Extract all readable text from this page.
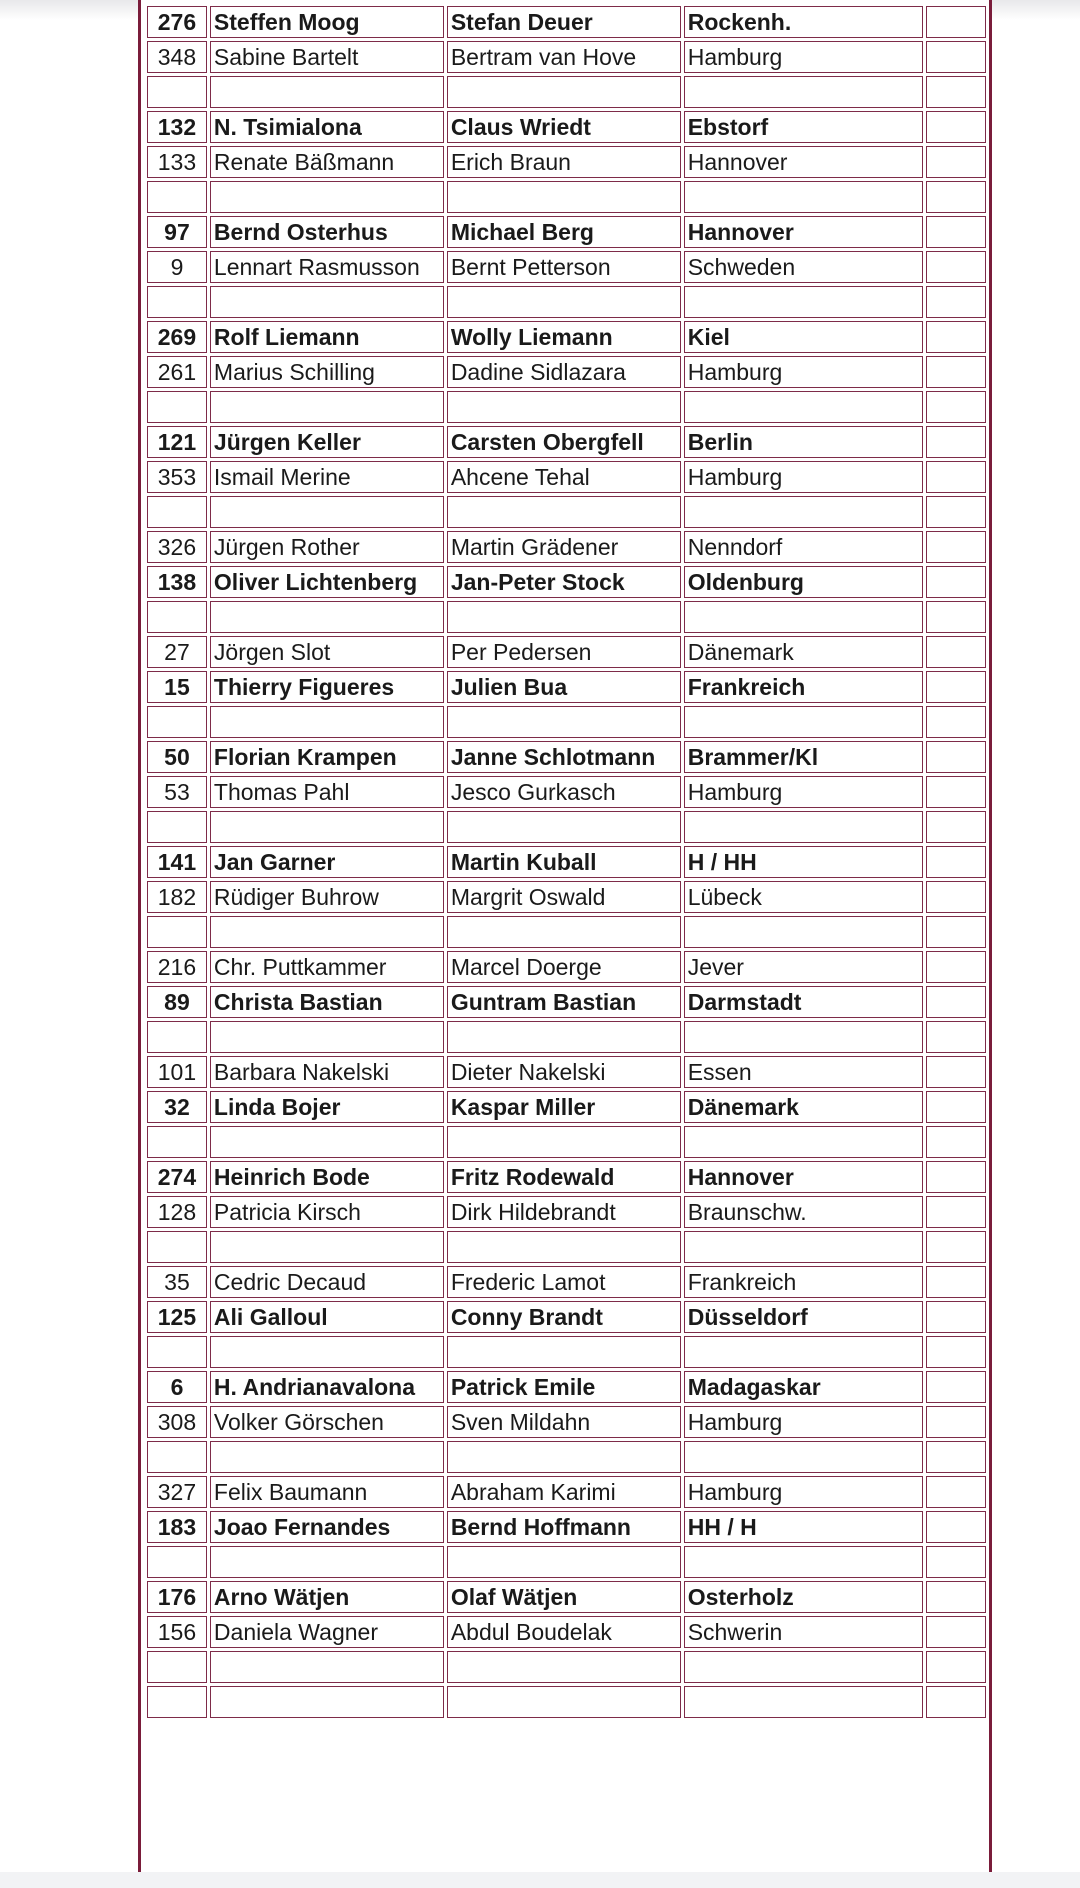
276	Steffen Moog	Stefan Deuer	Rockenh.	
348	Sabine Bartelt	Bertram van Hove	Hamburg	

132	N. Tsimialona	Claus Wriedt	Ebstorf	
133	Renate Bäßmann	Erich Braun	Hannover	

97	Bernd Osterhus	Michael Berg	Hannover	
9	Lennart Rasmusson	Bernt Petterson	Schweden	

269	Rolf Liemann	Wolly Liemann	Kiel	
261	Marius Schilling	Dadine Sidlazara	Hamburg	

121	Jürgen Keller	Carsten Obergfell	Berlin	
353	Ismail Merine	Ahcene Tehal	Hamburg	

326	Jürgen Rother	Martin Grädener	Nenndorf	
138	Oliver Lichtenberg	Jan-Peter Stock	Oldenburg	

27	Jörgen Slot	Per Pedersen	Dänemark	
15	Thierry Figueres	Julien Bua	Frankreich	

50	Florian Krampen	Janne Schlotmann	Brammer/Kl	
53	Thomas Pahl	Jesco Gurkasch	Hamburg	

141	Jan Garner	Martin Kuball	H / HH	
182	Rüdiger Buhrow	Margrit Oswald	Lübeck	

216	Chr. Puttkammer	Marcel Doerge	Jever	
89	Christa Bastian	Guntram Bastian	Darmstadt	

101	Barbara Nakelski	Dieter Nakelski	Essen	
32	Linda Bojer	Kaspar Miller	Dänemark	

274	Heinrich Bode	Fritz Rodewald	Hannover	
128	Patricia Kirsch	Dirk Hildebrandt	Braunschw.	

35	Cedric Decaud	Frederic Lamot	Frankreich	
125	Ali Galloul	Conny Brandt	Düsseldorf	

6	H. Andrianavalona	Patrick Emile	Madagaskar	
308	Volker Görschen	Sven Mildahn	Hamburg	

327	Felix Baumann	Abraham Karimi	Hamburg	
183	Joao Fernandes	Bernd Hoffmann	HH / H	

176	Arno Wätjen	Olaf Wätjen	Osterholz	
156	Daniela Wagner	Abdul Boudelak	Schwerin	
